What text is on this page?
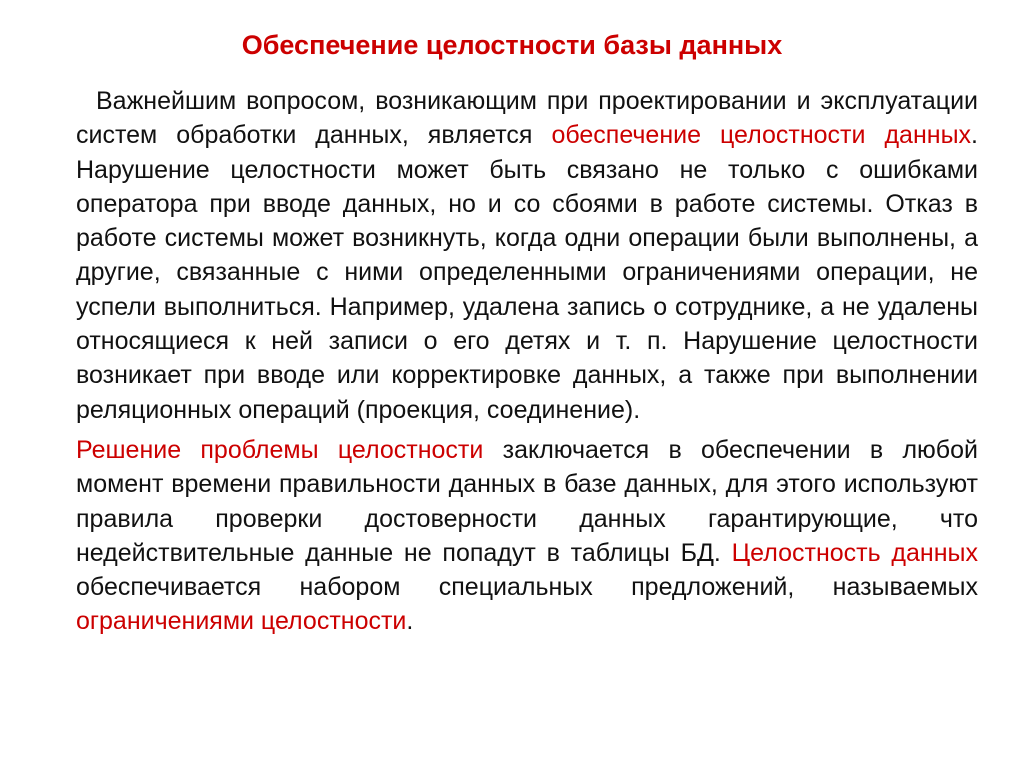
Обеспечение целостности базы данных

Важнейшим вопросом, возникающим при проектировании и эксплуатации систем обработки данных, является обеспечение целостности данных. Нарушение целостности может быть связано не только с ошибками оператора при вводе данных, но и со сбоями в работе системы. Отказ в работе системы может возникнуть, когда одни операции были выполнены, а другие, связанные с ними определенными ограничениями операции, не успели выполниться. Например, удалена запись о сотруднике, а не удалены относящиеся к ней записи о его детях и т. п. Нарушение целостности возникает при вводе или корректировке данных, а также при выполнении реляционных операций (проекция, соединение).

Решение проблемы целостности заключается в обеспечении в любой момент времени правильности данных в базе данных, для этого используют правила проверки достоверности данных гарантирующие, что недействительные данные не попадут в таблицы БД. Целостность данных обеспечивается набором специальных предложений, называемых ограничениями целостности.
